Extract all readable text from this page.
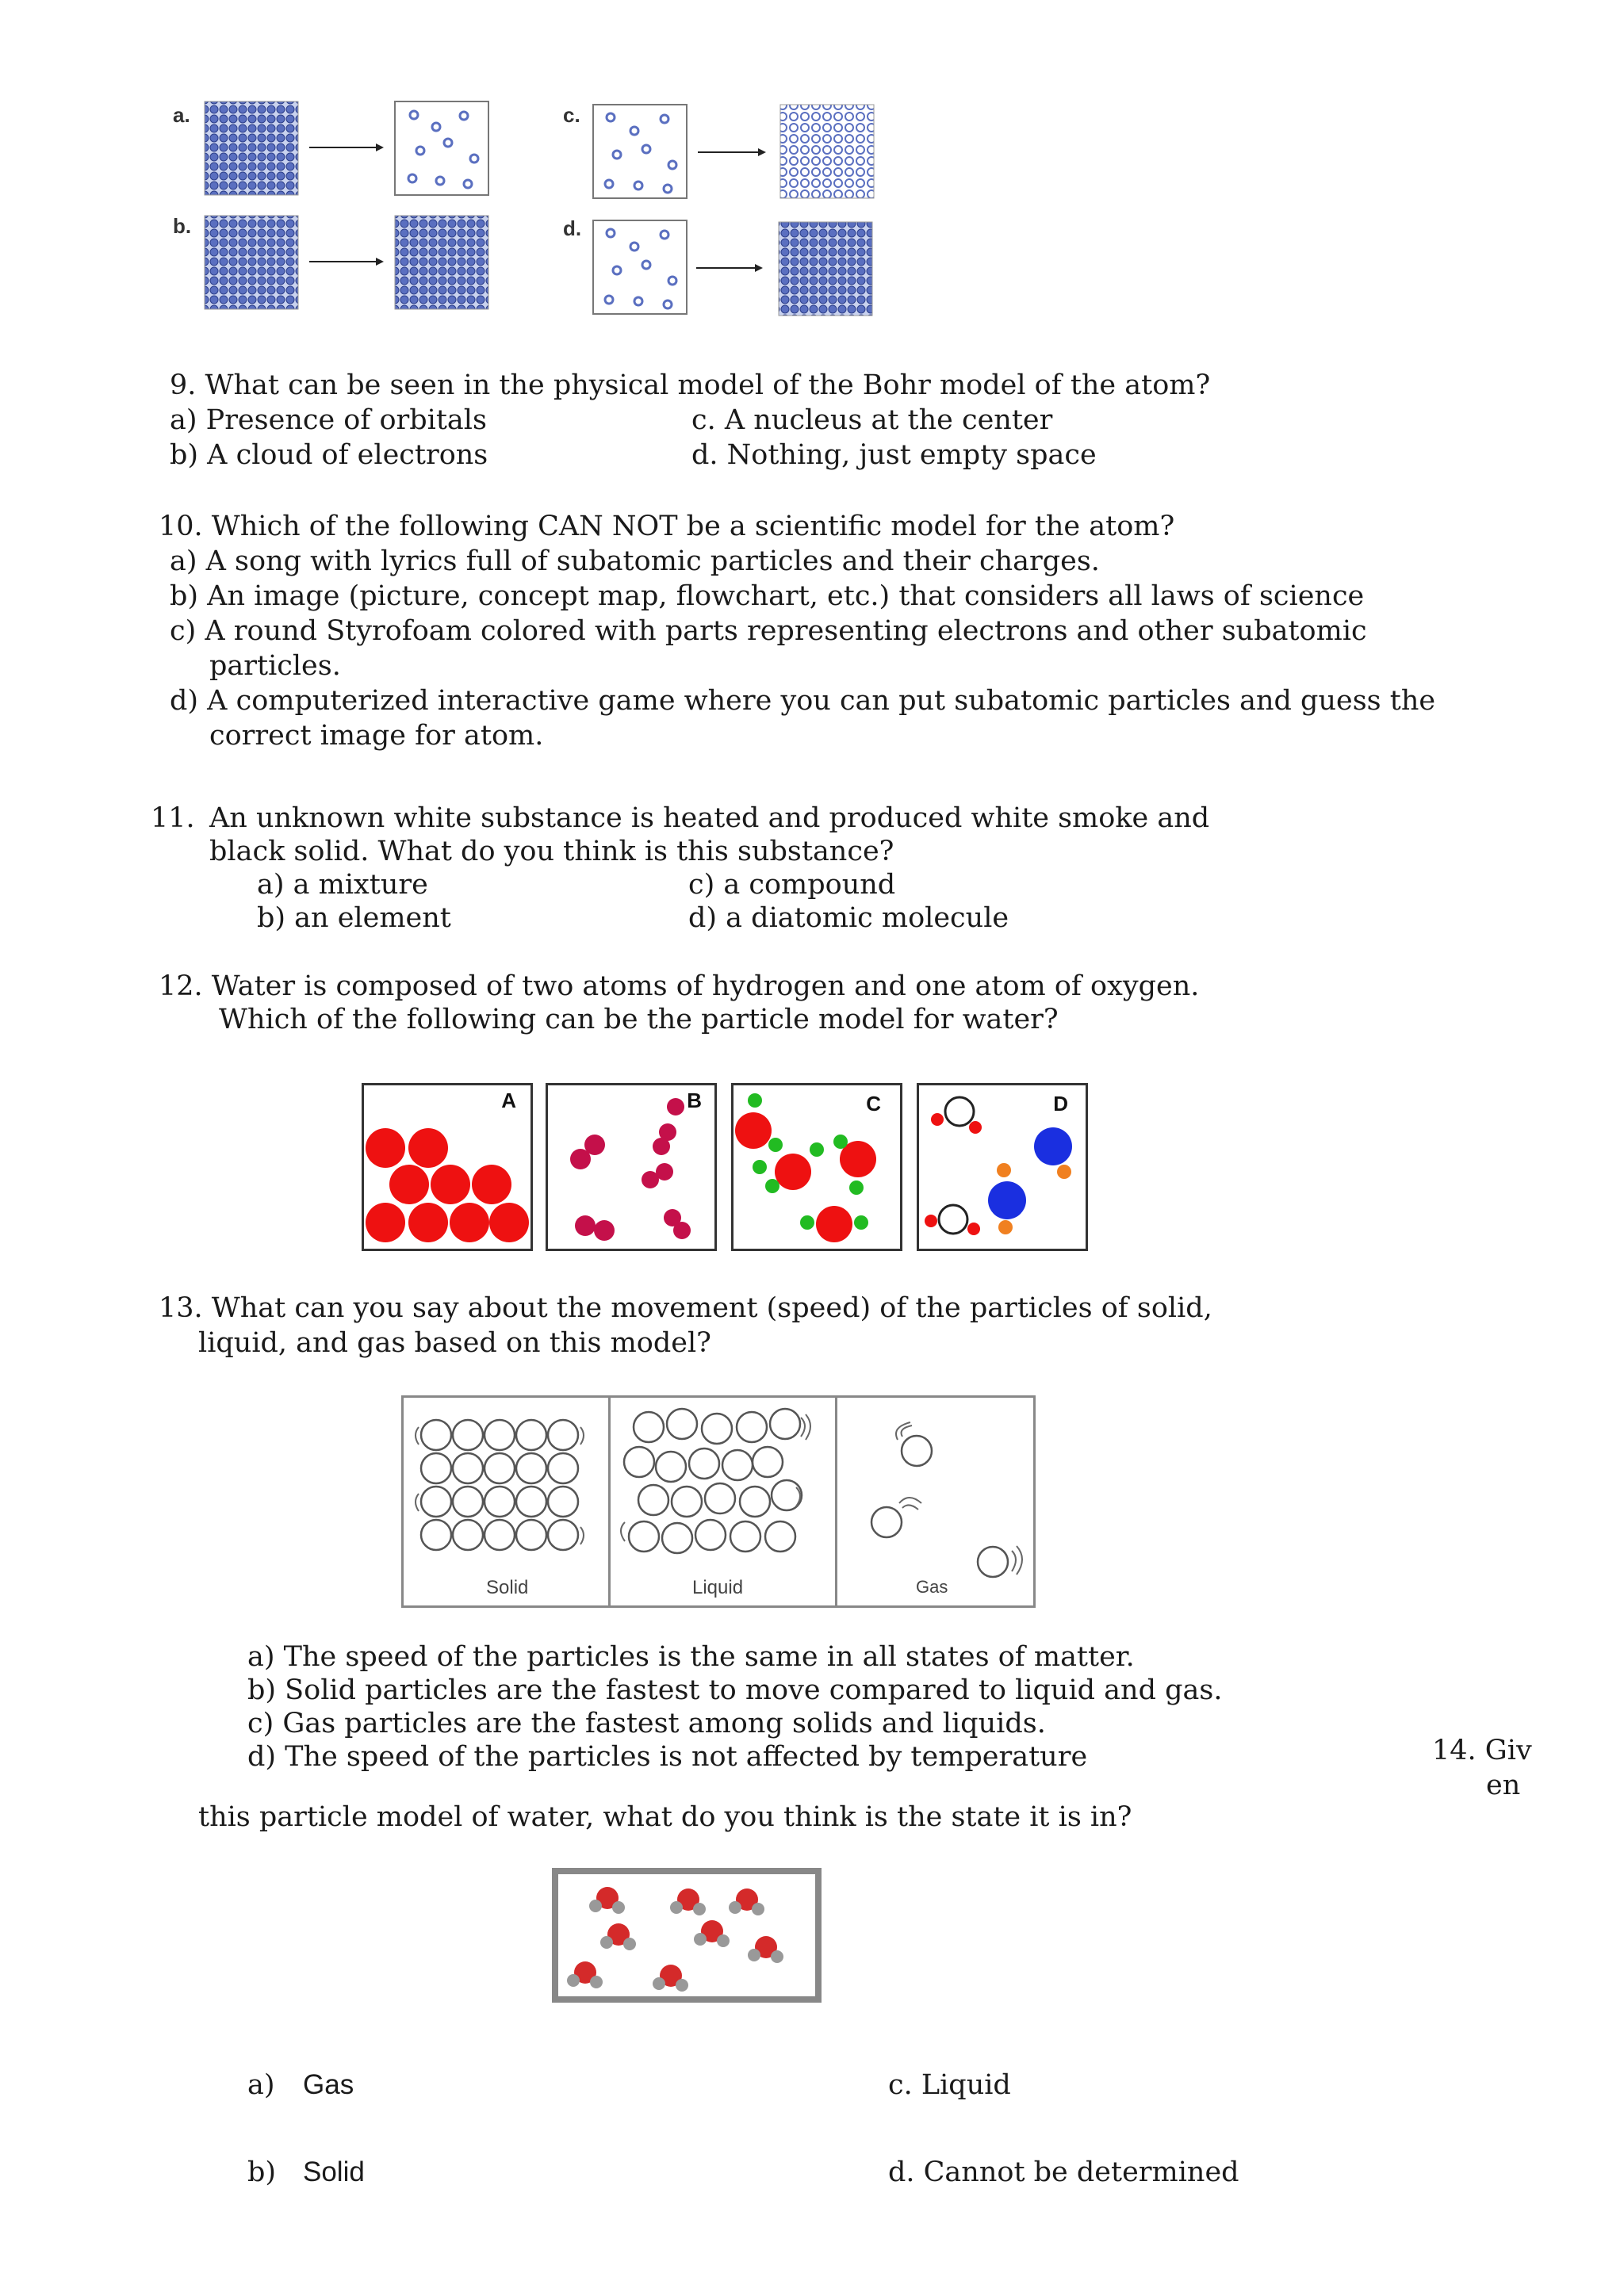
a.
b.
c.
d.
9. What can be seen in the physical model of the Bohr model of the atom?
a) Presence of orbitals
b) A cloud of electrons
c. A nucleus at the center
d. Nothing, just empty space
10. Which of the following CAN NOT be a scientific model for the atom?
a) A song with lyrics full of subatomic particles and their charges.
b) An image (picture, concept map, flowchart, etc.) that considers all laws of science
c) A round Styrofoam colored with parts representing electrons and other subatomic
particles.
d) A computerized interactive game where you can put subatomic particles and guess the
correct image for atom.
11. An unknown white substance is heated and produced white smoke and
black solid. What do you think is this substance?
a) a mixture
b) an element
c) a compound
d) a diatomic molecule
12. Water is composed of two atoms of hydrogen and one atom of oxygen.
Which of the following can be the particle model for water?
A	B	C	D
13. What can you say about the movement (speed) of the particles of solid,
liquid, and gas based on this model?
Solid	Liquid	Gas
a) The speed of the particles is the same in all states of matter.
b) Solid particles are the fastest to move compared to liquid and gas.
c) Gas particles are the fastest among solids and liquids.
d) The speed of the particles is not affected by temperature	14. Giv
en
this particle model of water, what do you think is the state it is in?
a) Gas
b) Solid
c. Liquid
d. Cannot be determined
